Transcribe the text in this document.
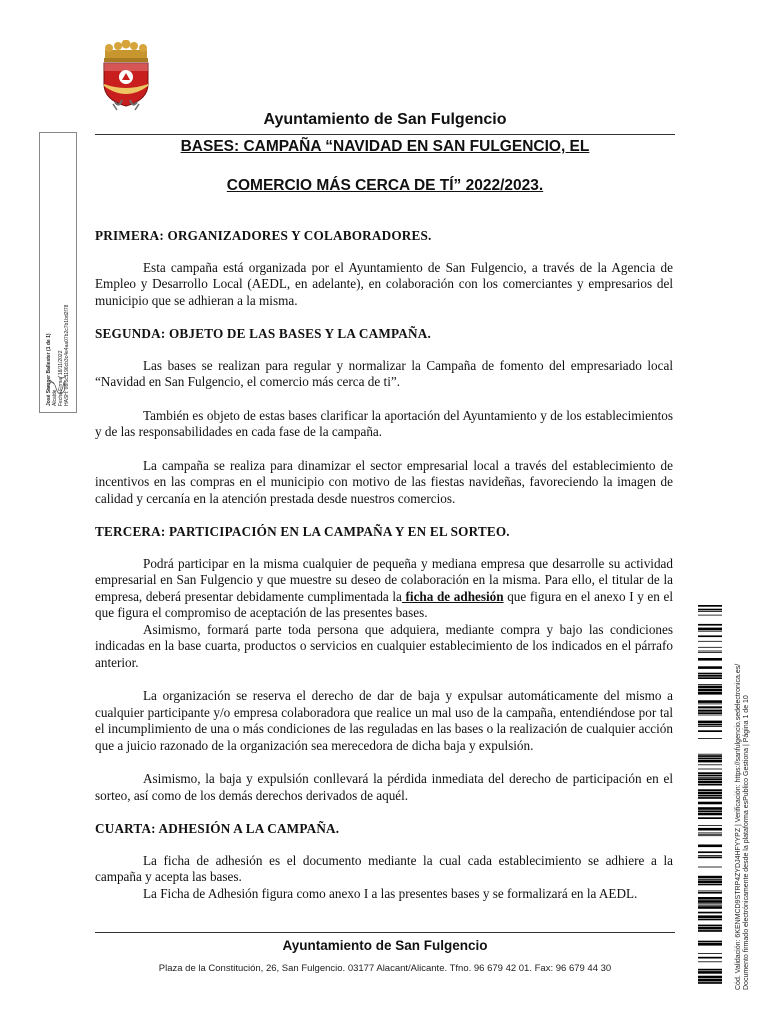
Ayuntamiento de San Fulgencio
BASES: CAMPAÑA “NAVIDAD EN SAN FULGENCIO, EL
COMERCIO MÁS CERCA DE TÍ” 2022/2023.
José Samper Ballester (1 de 1) Alcalde Fecha Firma: 18/11/2022 HASH: 08f5c1196cb3c4e4aa07b2c7b1bd2f78
PRIMERA: ORGANIZADORES Y COLABORADORES.

Esta campaña está organizada por el Ayuntamiento de San Fulgencio, a través de la Agencia de Empleo y Desarrollo Local (AEDL, en adelante), en colaboración con los comerciantes y empresarios del municipio que se adhieran a la misma.

SEGUNDA: OBJETO DE LAS BASES Y LA CAMPAÑA.

Las bases se realizan para regular y normalizar la Campaña de fomento del empresariado local “Navidad en San Fulgencio, el comercio más cerca de ti”.

También es objeto de estas bases clarificar la aportación del Ayuntamiento y de los establecimientos y de las responsabilidades en cada fase de la campaña.

La campaña se realiza para dinamizar el sector empresarial local a través del establecimiento de incentivos en las compras en el municipio con motivo de las fiestas navideñas, favoreciendo la imagen de calidad y cercanía en la atención prestada desde nuestros comercios.

TERCERA: PARTICIPACIÓN EN LA CAMPAÑA Y EN EL SORTEO.

Podrá participar en la misma cualquier de pequeña y mediana empresa que desarrolle su actividad empresarial en San Fulgencio y que muestre su deseo de colaboración en la misma. Para ello, el titular de la empresa, deberá presentar debidamente cumplimentada la ficha de adhesión que figura en el anexo I y en el que figura el compromiso de aceptación de las presentes bases.

Asimismo, formará parte toda persona que adquiera, mediante compra y bajo las condiciones indicadas en la base cuarta, productos o servicios en cualquier establecimiento de los indicados en el párrafo anterior.

La organización se reserva el derecho de dar de baja y expulsar automáticamente del mismo a cualquier participante y/o empresa colaboradora que realice un mal uso de la campaña, entendiéndose por tal el incumplimiento de una o más condiciones de las reguladas en las bases o la realización de cualquier acción que a juicio razonado de la organización sea merecedora de dicha baja y expulsión.

Asimismo, la baja y expulsión conllevará la pérdida inmediata del derecho de participación en el sorteo, así como de los demás derechos derivados de aquél.

CUARTA: ADHESIÓN A LA CAMPAÑA.

La ficha de adhesión es el documento mediante la cual cada establecimiento se adhiere a la campaña y acepta las bases.

La Ficha de Adhesión figura como anexo I a las presentes bases y se formalizará en la AEDL.

Ayuntamiento de San Fulgencio
Plaza de la Constitución, 26, San Fulgencio. 03177 Alacant/Alicante. Tfno. 96 679 42 01. Fax: 96 679 44 30	Cód. Validación: 6KENMCD9STRP4ZYDJ4HFYYPZ | Verificación: https://sanfulgencio.sedelectronica.es/ Documento firmado electrónicamente desde la plataforma esPublico Gestiona | Página 1 de 10
